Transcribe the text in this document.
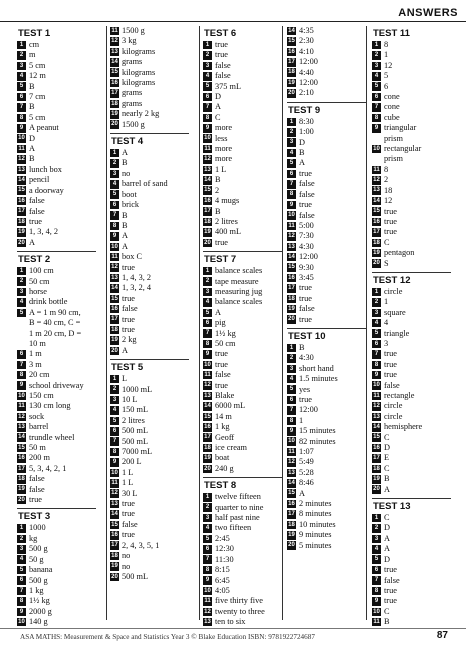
ANSWERS
TEST 1
1 cm
2 m
3 5 cm
4 12 m
5 B
6 7 cm
7 B
8 5 cm
9 A peanut
10 D
11 A
12 B
13 lunch box
14 pencil
15 a doorway
16 false
17 false
18 true
19 1, 3, 4, 2
20 A
TEST 2
1 100 cm
2 50 cm
3 horse
4 drink bottle
5 A = 1 m 90 cm,
B = 40 cm, C =
1 m 20 cm, D =
10 m
6 1 m
7 3 m
8 20 cm
9 school driveway
10 150 cm
11 130 cm long
12 sock
13 barrel
14 trundle wheel
15 50 m
16 200 m
17 5, 3, 4, 2, 1
18 false
19 false
20 true
TEST 3
1 1000
2 kg
3 500 g
4 50 g
5 banana
6 500 g
7 1 kg
8 1½ kg
9 2000 g
10 140 g
11 1500 g
12 3 kg
13 kilograms
14 grams
15 kilograms
16 kilograms
17 grams
18 grams
19 nearly 2 kg
20 1500 g
TEST 4
1 A
2 B
3 no
4 barrel of sand
5 boot
6 brick
7 B
8 B
9 A
10 A
11 box C
12 true
13 1, 4, 3, 2
14 1, 3, 2, 4
15 true
16 false
17 true
18 true
19 2 kg
20 A
TEST 5
1 L
2 1000 mL
3 10 L
4 150 mL
5 2 litres
6 500 mL
7 500 mL
8 7000 mL
9 200 L
10 1 L
11 1 L
12 30 L
13 true
14 true
15 false
16 true
17 2, 4, 3, 5, 1
18 no
19 no
20 500 mL
TEST 6
1 true
2 true
3 false
4 false
5 375 mL
6 D
7 A
8 C
9 more
10 less
11 more
12 more
13 1 L
14 B
15 2
16 4 mugs
17 B
18 2 litres
19 400 mL
20 true
TEST 7
1 balance scales
2 tape measure
3 measuring jug
4 balance scales
5 A
6 pig
7 1½ kg
8 50 cm
9 true
10 true
11 false
12 true
13 Blake
14 6000 mL
15 14 m
16 1 kg
17 Geoff
18 ice cream
19 boat
20 240 g
TEST 8
1 twelve fifteen
2 quarter to nine
3 half past nine
4 two fifteen
5 2:45
6 12:30
7 11:30
8 8:15
9 6:45
10 4:05
11 five thirty five
12 twenty to three
13 ten to six
14 4:35
15 2:30
16 4:10
17 12:00
18 4:40
19 12:00
20 2:10
TEST 9
1 8:30
2 1:00
3 D
4 B
5 A
6 true
7 false
8 false
9 true
10 false
11 5:00
12 7:30
13 4:30
14 12:00
15 9:30
16 3:45
17 true
18 true
19 false
20 true
TEST 10
1 B
2 4:30
3 short hand
4 1.5 minutes
5 yes
6 true
7 12:00
8 1
9 15 minutes
10 82 minutes
11 1:07
12 5:49
13 5:28
14 8:46
15 A
16 2 minutes
17 8 minutes
18 10 minutes
19 9 minutes
20 5 minutes
TEST 11
1 8
2 1
3 12
4 5
5 6
6 cone
7 cone
8 cube
9 triangular
prism
10 rectangular
prism
11 8
12 2
13 18
14 12
15 true
16 true
17 true
18 C
19 pentagon
20 S
TEST 12
1 circle
2 1
3 square
4 4
5 triangle
6 3
7 true
8 true
9 true
10 false
11 rectangle
12 circle
13 circle
14 hemisphere
15 C
16 D
17 E
18 C
19 B
20 A
TEST 13
1 C
2 D
3 A
4 A
5 D
6 true
7 false
8 true
9 true
10 C
11 B
ASA MATHS: Measurement & Space and Statistics Year 3 © Blake Education ISBN: 9781922724687	87
